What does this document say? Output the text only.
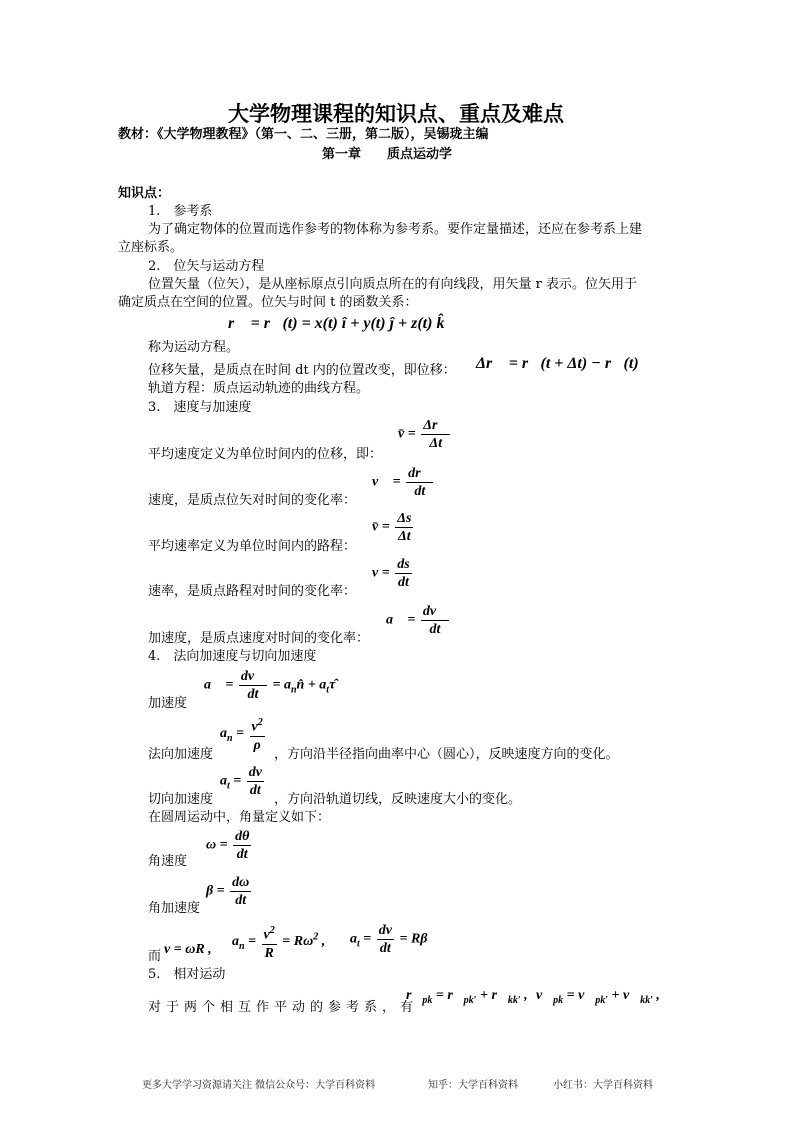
大学物理课程的知识点、重点及难点
教材：《大学物理教程》（第一、二、三册，第二版），吴锡珑主编
第一章　　质点运动学
知识点：
1.　参考系
为了确定物体的位置而选作参考的物体称为参考系。要作定量描述，还应在参考系上建
立座标系。
2.　位矢与运动方程
位置矢量（位矢），是从座标原点引向质点所在的有向线段，用矢量 r 表示。位矢用于
确定质点在空间的位置。位矢与时间 t 的函数关系：
r⃗ = r⃗(t) = x(t) î + y(t) ĵ + z(t) k̂
称为运动方程。
位移矢量，是质点在时间 dt 内的位置改变，即位移： Δr⃗ = r⃗(t + Δt) − r⃗(t)
轨道方程：质点运动轨迹的曲线方程。
3.　速度与加速度
平均速度定义为单位时间内的位移，即：
v̄ = $\frac{\Delta r⃗}{\Delta t}$
速度，是质点位矢对时间的变化率：
v⃗ = $\frac{dr⃗}{dt}$
平均速率定义为单位时间内的路程：
v̄ = $\frac{\Delta s}{\Delta t}$
速率，是质点路程对时间的变化率：
$v = \frac{ds}{dt}$
加速度，是质点速度对时间的变化率：
a⃗ = $\frac{dv⃗}{dt}$
4.　法向加速度与切向加速度
a⃗ = $\frac{dv⃗}{dt}$ = $a_nn̂$ + $a_t\taû$
加速度
$a_n = \frac{v^2}{\rho}$
法向加速度	，方向沿半径指向曲率中心（圆心），反映速度方向的变化。
$a_t = \frac{dv}{dt}$
切向加速度	，方向沿轨道切线，反映速度大小的变化。
在圆周运动中，角量定义如下：
$\omega = \frac{d\theta}{dt}$
角速度
$\beta = \frac{d\omega}{dt}$
角加速度
而 v = ωR ,
$a_n = \frac{v^2}{R} = R\omega^2$ , $a_t = \frac{dv}{dt} = R\beta$
5.　相对运动
对于两个相互作平动的参考系，有
$r⃗_{pk}$ = $r⃗_{pk'}$ + $r⃗_{kk'}$ , $v⃗_{pk}$ = $v⃗_{pk'}$ + $v⃗_{kk'}$ ,
更多大学学习资源请关注 微信公众号：大学百科资料	知乎：大学百科资料	小红书：大学百科资料
